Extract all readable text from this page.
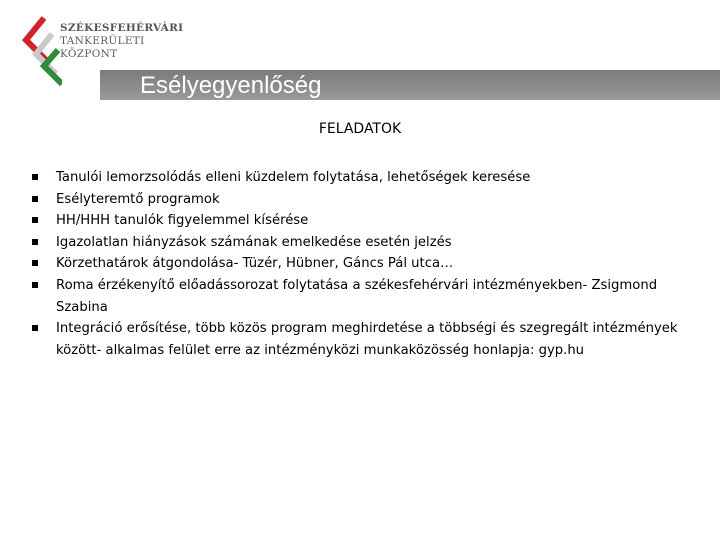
SZÉKESFEHÉRVÁRI
TANKERÜLETI
KÖZPONT
Esélyegyenlőség
FELADATOK
Tanulói lemorzsolódás elleni küzdelem folytatása, lehetőségek keresése
Esélyteremtő programok
HH/HHH tanulók figyelemmel kísérése
Igazolatlan hiányzások számának emelkedése esetén jelzés
Körzethatárok átgondolása- Tüzér, Hübner, Gáncs Pál utca…
Roma érzékenyítő előadássorozat folytatása a székesfehérvári intézményekben- Zsigmond Szabina
Integráció erősítése, több közös program meghirdetése a többségi és szegregált intézmények között- alkalmas felület erre az intézményközi munkaközösség honlapja: gyp.hu
